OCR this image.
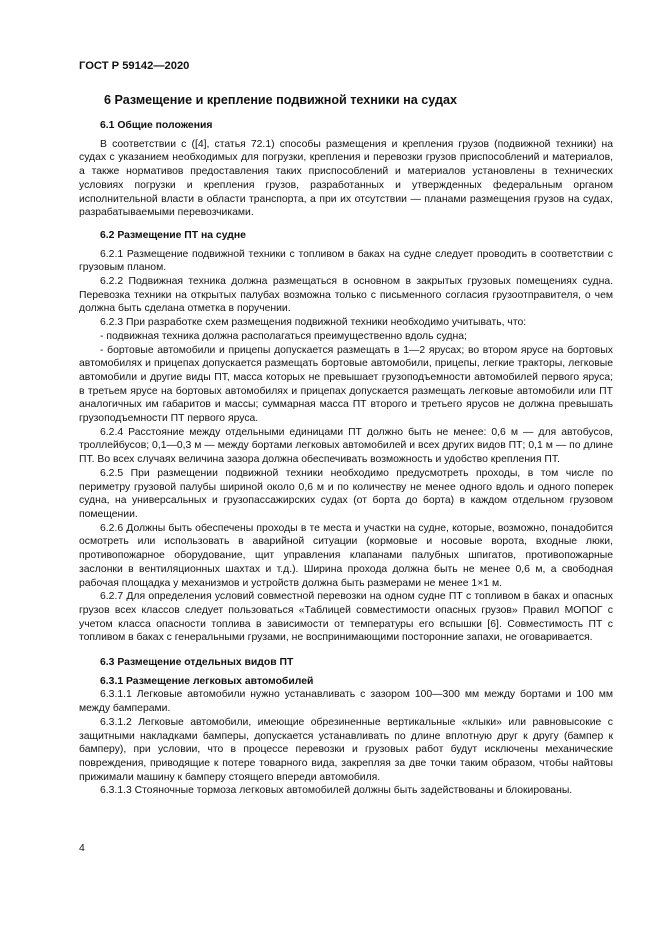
ГОСТ Р 59142—2020
6 Размещение и крепление подвижной техники на судах
6.1 Общие положения

В соответствии с ([4], статья 72.1) способы размещения и крепления грузов (подвижной техники) на судах с указанием необходимых для погрузки, крепления и перевозки грузов приспособлений и материалов, а также нормативов предоставления таких приспособлений и материалов установлены в технических условиях погрузки и крепления грузов, разработанных и утвержденных федеральным органом исполнительной власти в области транспорта, а при их отсутствии — планами размещения грузов на судах, разрабатываемыми перевозчиками.

6.2 Размещение ПТ на судне

6.2.1 Размещение подвижной техники с топливом в баках на судне следует проводить в соответствии с грузовым планом.

6.2.2 Подвижная техника должна размещаться в основном в закрытых грузовых помещениях судна. Перевозка техники на открытых палубах возможна только с письменного согласия грузоотправителя, о чем должна быть сделана отметка в поручении.

6.2.3 При разработке схем размещения подвижной техники необходимо учитывать, что:

- подвижная техника должна располагаться преимущественно вдоль судна;

- бортовые автомобили и прицепы допускается размещать в 1—2 ярусах; во втором ярусе на бортовых автомобилях и прицепах допускается размещать бортовые автомобили, прицепы, легкие тракторы, легковые автомобили и другие виды ПТ, масса которых не превышает грузоподъемности автомобилей первого яруса; в третьем ярусе на бортовых автомобилях и прицепах допускается размещать легковые автомобили или ПТ аналогичных им габаритов и массы; суммарная масса ПТ второго и третьего ярусов не должна превышать грузоподъемности ПТ первого яруса.

6.2.4 Расстояние между отдельными единицами ПТ должно быть не менее: 0,6 м — для автобусов, троллейбусов; 0,1—0,3 м — между бортами легковых автомобилей и всех других видов ПТ; 0,1 м — по длине ПТ. Во всех случаях величина зазора должна обеспечивать возможность и удобство крепления ПТ.

6.2.5 При размещении подвижной техники необходимо предусмотреть проходы, в том числе по периметру грузовой палубы шириной около 0,6 м и по количеству не менее одного вдоль и одного поперек судна, на универсальных и грузопассажирских судах (от борта до борта) в каждом отдельном грузовом помещении.

6.2.6 Должны быть обеспечены проходы в те места и участки на судне, которые, возможно, понадобится осмотреть или использовать в аварийной ситуации (кормовые и носовые ворота, входные люки, противопожарное оборудование, щит управления клапанами палубных шпигатов, противопожарные заслонки в вентиляционных шахтах и т.д.). Ширина прохода должна быть не менее 0,6 м, а свободная рабочая площадка у механизмов и устройств должна быть размерами не менее 1×1 м.

6.2.7 Для определения условий совместной перевозки на одном судне ПТ с топливом в баках и опасных грузов всех классов следует пользоваться «Таблицей совместимости опасных грузов» Правил МОПОГ с учетом класса опасности топлива в зависимости от температуры его вспышки [6]. Совместимость ПТ с топливом в баках с генеральными грузами, не воспринимающими посторонние запахи, не оговаривается.

6.3 Размещение отдельных видов ПТ
6.3.1 Размещение легковых автомобилей

6.3.1.1 Легковые автомобили нужно устанавливать с зазором 100—300 мм между бортами и 100 мм между бамперами.

6.3.1.2 Легковые автомобили, имеющие обрезиненные вертикальные «клыки» или равновысокие с защитными накладками бамперы, допускается устанавливать по длине вплотную друг к другу (бампер к бамперу), при условии, что в процессе перевозки и грузовых работ будут исключены механические повреждения, приводящие к потере товарного вида, закрепляя за две точки таким образом, чтобы найтовы прижимали машину к бамперу стоящего впереди автомобиля.

6.3.1.3 Стояночные тормоза легковых автомобилей должны быть задействованы и блокированы.

4
